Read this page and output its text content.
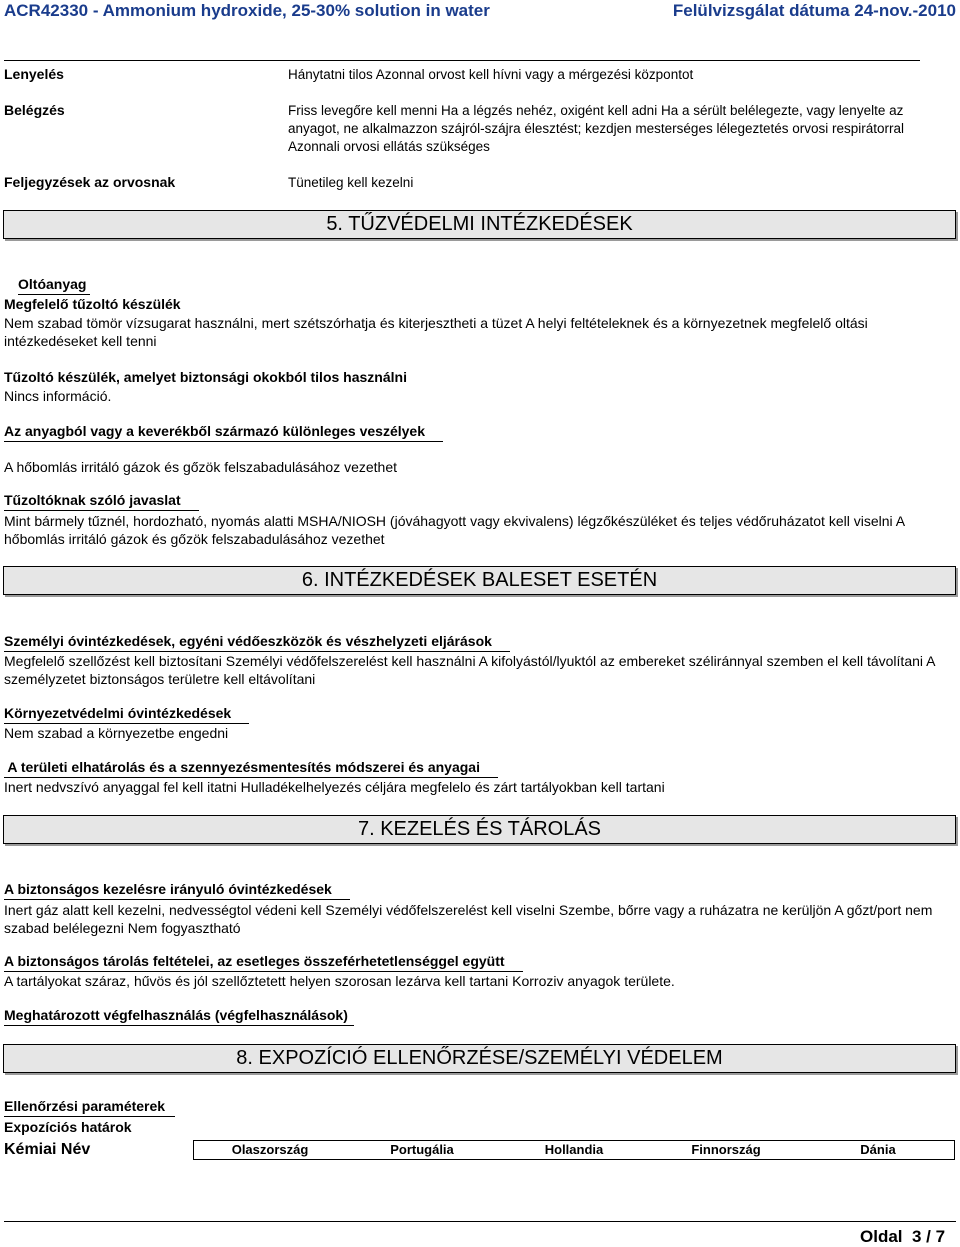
ACR42330 - Ammonium hydroxide, 25-30% solution in water	Felülvizsgálat dátuma 24-nov.-2010
Lenyelés	Hánytatni tilos Azonnal orvost kell hívni vagy a mérgezési központot
Belégzés	Friss levegőre kell menni Ha a légzés nehéz, oxigént kell adni Ha a sérült belélegezte, vagy lenyelte az anyagot, ne alkalmazzon szájról-szájra élesztést; kezdjen mesterséges lélegeztetés orvosi respirátorral Azonnali orvosi ellátás szükséges
Feljegyzések az orvosnak	Tünetileg kell kezelni
5. TŰZVÉDELMI INTÉZKEDÉSEK
Oltóanyag
Megfelelő tűzoltó készülék
Nem szabad tömör vízsugarat használni, mert szétszórhatja és kiterjesztheti a tüzet A helyi feltételeknek és a környezetnek megfelelő oltási intézkedéseket kell tenni
Tűzoltó készülék, amelyet biztonsági okokból tilos használni
Nincs információ.
Az anyagból vagy a keverékből származó különleges veszélyek
A hőbomlás irritáló gázok és gőzök felszabadulásához vezethet
Tűzoltóknak szóló javaslat
Mint bármely tűznél, hordozható, nyomás alatti MSHA/NIOSH (jóváhagyott vagy ekvivalens) légzőkészüléket és teljes védőruházatot kell viselni A hőbomlás irritáló gázok és gőzök felszabadulásához vezethet
6. INTÉZKEDÉSEK BALESET ESETÉN
Személyi óvintézkedések, egyéni védőeszközök és vészhelyzeti eljárások
Megfelelő szellőzést kell biztosítani Személyi védőfelszerelést kell használni A kifolyástól/lyuktól az embereket széliránnyal szemben el kell távolítani A személyzetet biztonságos területre kell eltávolítani
Környezetvédelmi óvintézkedések
Nem szabad a környezetbe engedni
A területi elhatárolás és a szennyezésmentesítés módszerei és anyagai
Inert nedvszívó anyaggal fel kell itatni Hulladékelhelyezés céljára megfelelo és zárt tartályokban kell tartani
7. KEZELÉS ÉS TÁROLÁS
A biztonságos kezelésre irányuló óvintézkedések
Inert gáz alatt kell kezelni, nedvességtol védeni kell Személyi védőfelszerelést kell viselni Szembe, bőrre vagy a ruházatra ne kerüljön A gőzt/port nem szabad belélegezni Nem fogyasztható
A biztonságos tárolás feltételei, az esetleges összeférhetetlenséggel együtt
A tartályokat száraz, hűvös és jól szellőztetett helyen szorosan lezárva kell tartani Korroziv anyagok területe.
Meghatározott végfelhasználás (végfelhasználások)
8. EXPOZÍCIÓ ELLENŐRZÉSE/SZEMÉLYI VÉDELEM
Ellenőrzési paraméterek
Expozíciós határok
Kémiai Név	Olaszország	Portugália	Hollandia	Finnország	Dánia
Oldal  3 / 7
